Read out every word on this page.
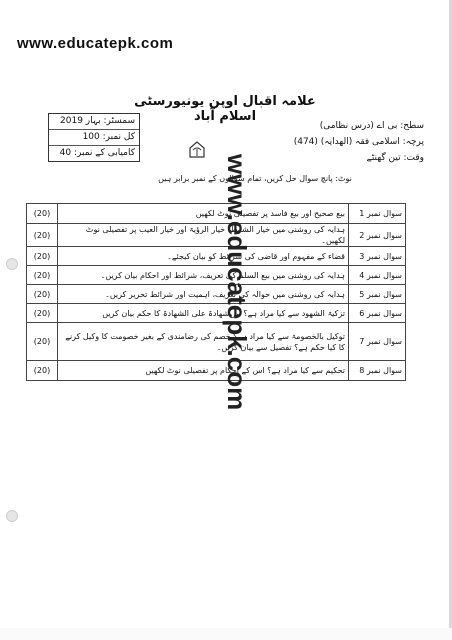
www.educatepk.com
علامہ اقبال اوپن یونیورسٹی اسلام آباد
سطح: بی اے (درس نظامی)
پرچہ: اسلامی فقہ (الھدایہ) (474)
وقت: تین گھنٹے
سمسٹر: بہار 2019
کل نمبر: 100
کامیابی کے نمبر: 40
نوٹ: پانچ سوال حل کریں، تمام سوالوں کے نمبر برابر ہیں
(20)	بیع صحیح اور بیع فاسد پر تفصیلی نوٹ لکھیں	سوال نمبر 1
(20)	ہدایہ کی روشنی میں خیار الشرط، خیار الرؤیۃ اور خیار العیب پر تفصیلی نوٹ لکھیں۔	سوال نمبر 2
(20)	قضاء کے مفہوم اور قاضی کی شرائط کو بیان کیجئے۔	سوال نمبر 3
(20)	ہدایہ کی روشنی میں بیع السلم کی تعریف، شرائط اور احکام بیان کریں۔	سوال نمبر 4
(20)	ہدایہ کی روشنی میں حوالہ کی تعریف، اہمیت اور شرائط تحریر کریں۔	سوال نمبر 5
(20)	تزکیۃ الشھود سے کیا مراد ہے؟ نیز شھادۃ علی الشھادۃ کا حکم بیان کریں	سوال نمبر 6
(20)	توکیل بالخصومۃ سے کیا مراد ہے؟ خصم کی رضامندی کے بغیر خصومت کا وکیل کرنے کا کیا حکم ہے؟ تفصیل سے بیان کریں۔	سوال نمبر 7
(20)	تحکیم سے کیا مراد ہے؟ اس کے احکام پر تفصیلی نوٹ لکھیں	سوال نمبر 8
www.educatepk.com
